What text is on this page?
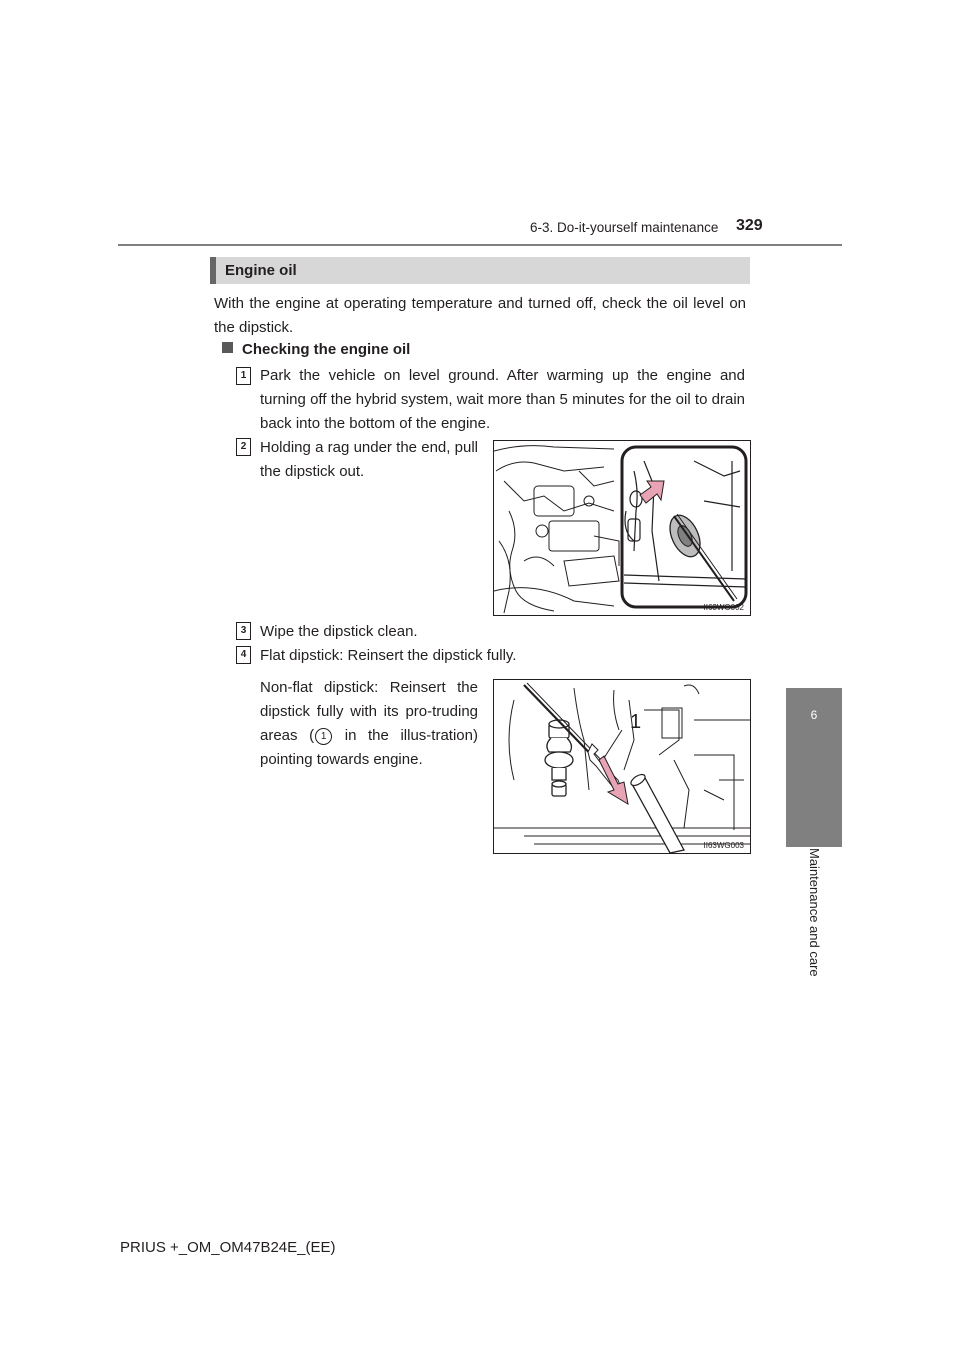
6-3. Do-it-yourself maintenance 329
6
Maintenance and care
Engine oil
With the engine at operating temperature and turned off, check the oil level on the dipstick.
Checking the engine oil
1 Park the vehicle on level ground. After warming up the engine and turning off the hybrid system, wait more than 5 minutes for the oil to drain back into the bottom of the engine.
2 Holding a rag under the end, pull the dipstick out.
II63WG002
3 Wipe the dipstick clean.
4 Flat dipstick: Reinsert the dipstick fully.
Non-flat dipstick: Reinsert the dipstick fully with its pro-truding areas ( 1 in the illus-tration) pointing towards engine.
1
II63WG003
PRIUS +_OM_OM47B24E_(EE)
